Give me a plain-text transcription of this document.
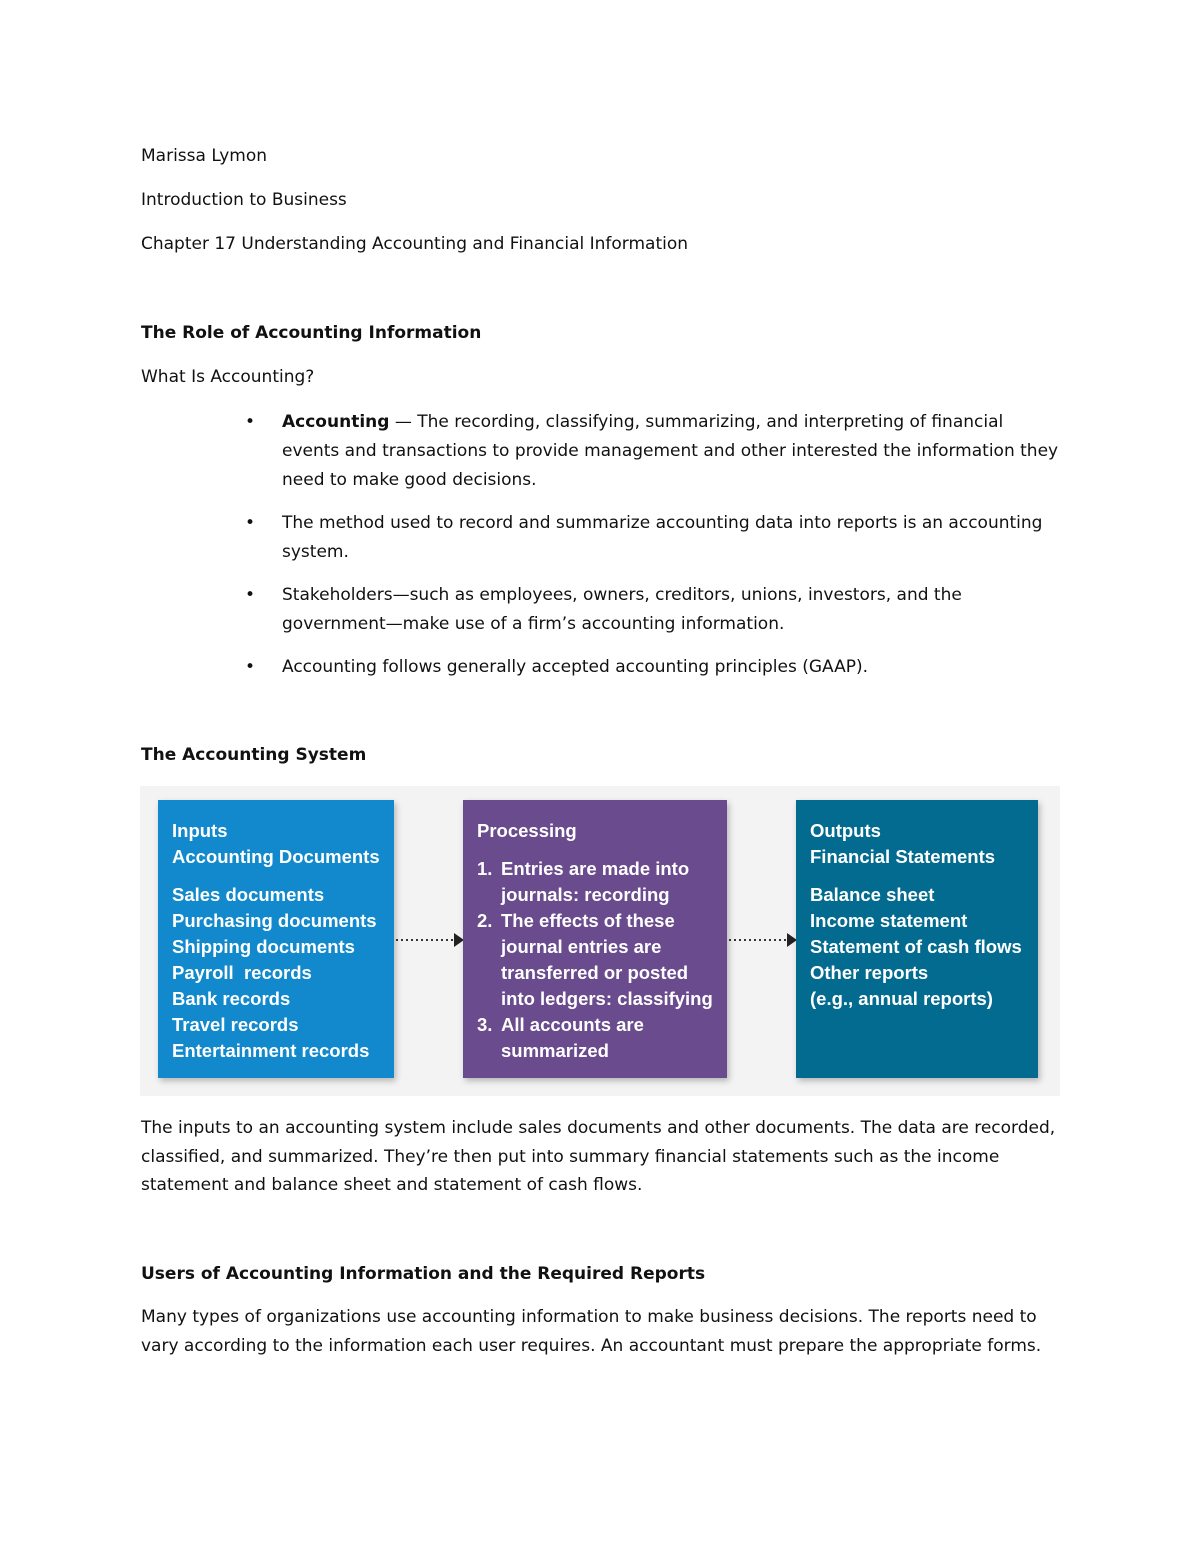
Marissa Lymon
Introduction to Business
Chapter 17 Understanding Accounting and Financial Information
The Role of Accounting Information
What Is Accounting?
• Accounting — The recording, classifying, summarizing, and interpreting of financial events and transactions to provide management and other interested the information they need to make good decisions.
• The method used to record and summarize accounting data into reports is an accounting system.
• Stakeholders—such as employees, owners, creditors, unions, investors, and the government—make use of a firm’s accounting information.
• Accounting follows generally accepted accounting principles (GAAP).
The Accounting System
Inputs
Accounting Documents
Sales documents
Purchasing documents
Shipping documents
Payroll  records
Bank records
Travel records
Entertainment records
Processing
1. Entries are made into journals: recording
2. The effects of these journal entries are transferred or posted into ledgers: classifying
3. All accounts are summarized
Outputs
Financial Statements
Balance sheet
Income statement
Statement of cash flows
Other reports
(e.g., annual reports)
The inputs to an accounting system include sales documents and other documents. The data are recorded, classified, and summarized. They’re then put into summary financial statements such as the income statement and balance sheet and statement of cash flows.
Users of Accounting Information and the Required Reports
Many types of organizations use accounting information to make business decisions. The reports need to vary according to the information each user requires. An accountant must prepare the appropriate forms.
